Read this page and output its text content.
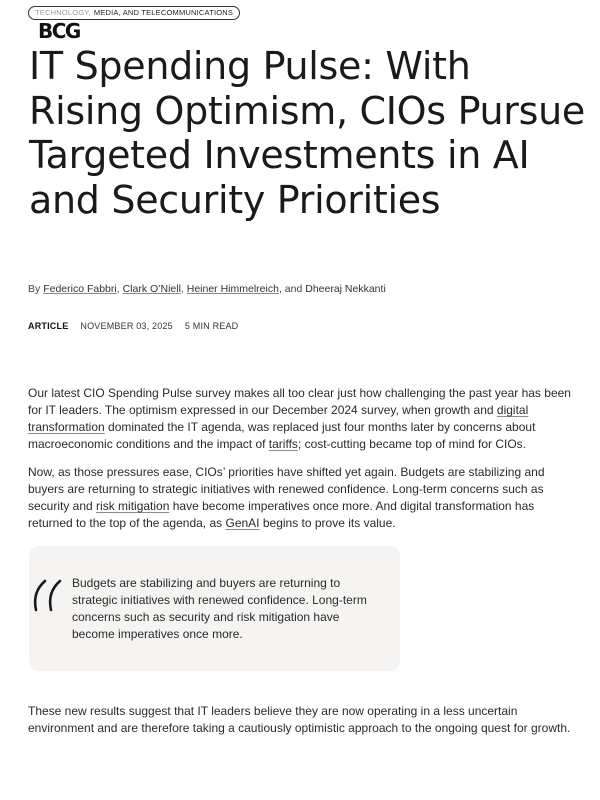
TECHNOLOGY, MEDIA, AND TELECOMMUNICATIONS
BCG
IT Spending Pulse: With Rising Optimism, CIOs Pursue Targeted Investments in AI and Security Priorities
By Federico Fabbri, Clark O’Niell, Heiner Himmelreich, and Dheeraj Nekkanti
ARTICLE NOVEMBER 03, 2025 5 MIN READ

Our latest CIO Spending Pulse survey makes all too clear just how challenging the past year has been for IT leaders. The optimism expressed in our December 2024 survey, when growth and digital transformation dominated the IT agenda, was replaced just four months later by concerns about macroeconomic conditions and the impact of tariffs; cost-cutting became top of mind for CIOs.

Now, as those pressures ease, CIOs’ priorities have shifted yet again. Budgets are stabilizing and buyers are returning to strategic initiatives with renewed confidence. Long-term concerns such as security and risk mitigation have become imperatives once more. And digital transformation has returned to the top of the agenda, as GenAI begins to prove its value.

Budgets are stabilizing and buyers are returning to strategic initiatives with renewed confidence. Long-term concerns such as security and risk mitigation have become imperatives once more.

These new results suggest that IT leaders believe they are now operating in a less uncertain environment and are therefore taking a cautiously optimistic approach to the ongoing quest for growth.
